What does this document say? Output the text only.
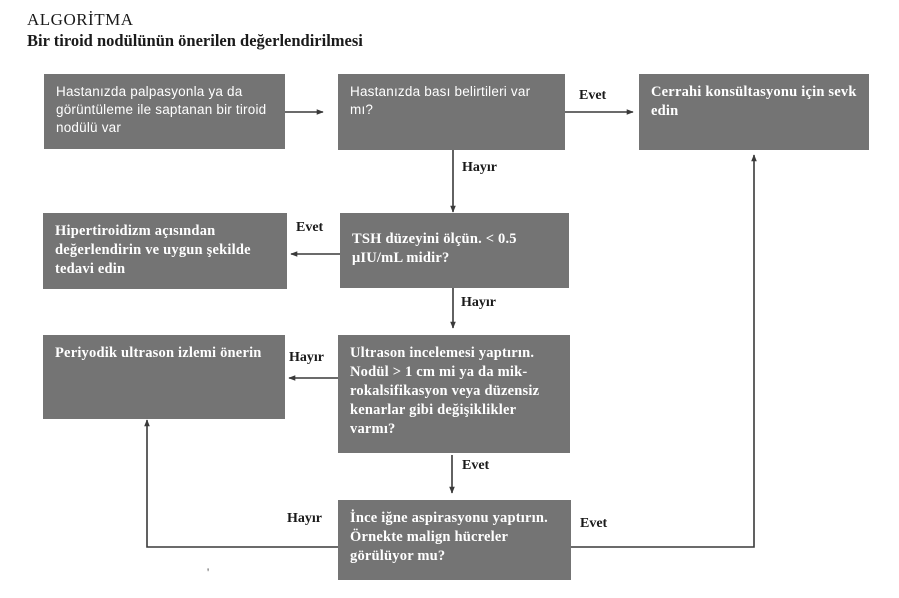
ALGORİTMA
Bir tiroid nodülünün önerilen değerlendirilmesi
Hastanızda palpasyonla ya da görüntüleme ile saptanan bir tiroid nodülü var
Hastanızda bası belirtileri var mı?
Cerrahi konsültasyonu için sevk edin
Hipertiroidizm açısından değerlendirin ve uygun şekilde tedavi edin
TSH düzeyini ölçün. < 0.5 μIU/mL midir?
Periyodik ultrason izlemi önerin	Ultrason incelemesi yaptırın. Nodül > 1 cm mi ya da mik-rokalsifikasyon veya düzensiz kenarlar gibi değişiklikler varmı?
İnce iğne aspirasyonu yaptırın. Örnekte malign hücreler görülüyor mu?
Evet
Hayır
Evet
Hayır
Hayır
Evet
Hayır	Evet
'
